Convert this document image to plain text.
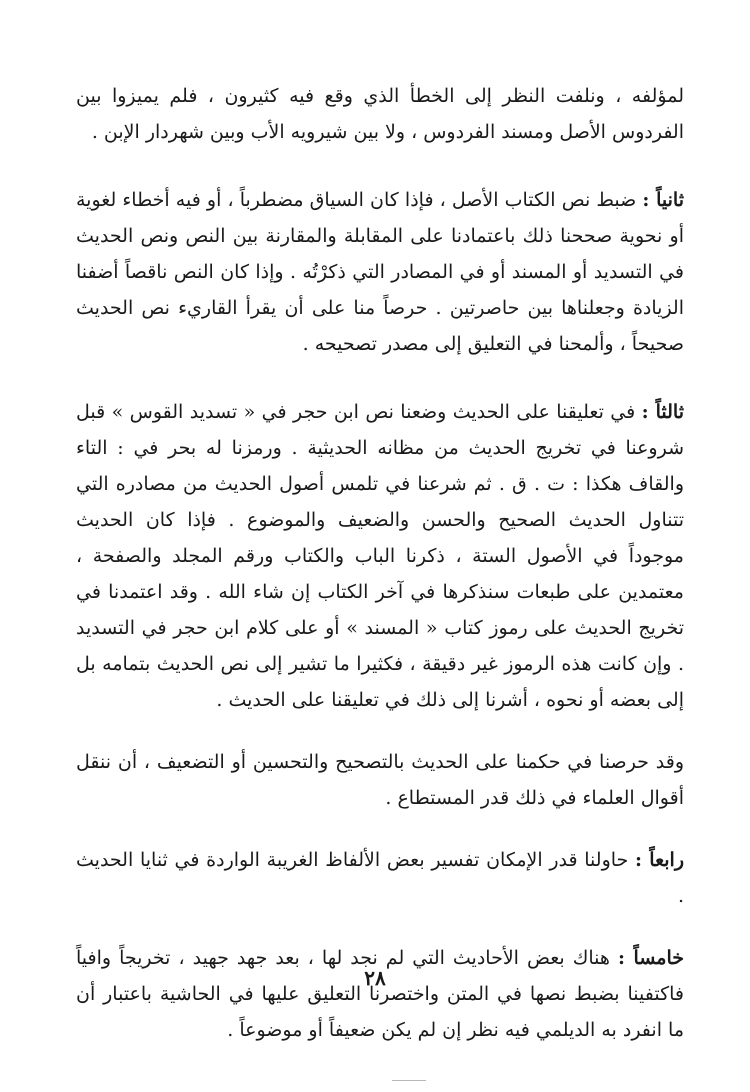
لمؤلفه ، ونلفت النظر إلى الخطأ الذي وقع فيه كثيرون ، فلم يميزوا بين الفردوس الأصل ومسند الفردوس ، ولا بين شيرويه الأب وبين شهردار الإبن .

ثانياً : ضبط نص الكتاب الأصل ، فإذا كان السياق مضطرباً ، أو فيه أخطاء لغوية أو نحوية صححنا ذلك باعتمادنا على المقابلة والمقارنة بين النص ونص الحديث في التسديد أو المسند أو في المصادر التي ذكرْتُه . وإذا كان النص ناقصاً أضفنا الزيادة وجعلناها بين حاصرتين . حرصاً منا على أن يقرأ القاريء نص الحديث صحيحاً ، وألمحنا في التعليق إلى مصدر تصحيحه .

ثالثاً : في تعليقنا على الحديث وضعنا نص ابن حجر في « تسديد القوس » قبل شروعنا في تخريج الحديث من مظانه الحديثية . ورمزنا له بحر في : التاء والقاف هكذا : ت . ق . ثم شرعنا في تلمس أصول الحديث من مصادره التي تتناول الحديث الصحيح والحسن والضعيف والموضوع . فإذا كان الحديث موجوداً في الأصول الستة ، ذكرنا الباب والكتاب ورقم المجلد والصفحة ، معتمدين على طبعات سنذكرها في آخر الكتاب إن شاء الله . وقد اعتمدنا في تخريج الحديث على رموز كتاب « المسند » أو على كلام ابن حجر في التسديد . وإن كانت هذه الرموز غير دقيقة ، فكثيرا ما تشير إلى نص الحديث بتمامه بل إلى بعضه أو نحوه ، أشرنا إلى ذلك في تعليقنا على الحديث .

وقد حرصنا في حكمنا على الحديث بالتصحيح والتحسين أو التضعيف ، أن ننقل أقوال العلماء في ذلك قدر المستطاع .

رابعاً : حاولنا قدر الإمكان تفسير بعض الألفاظ الغريبة الواردة في ثنايا الحديث .

خامساً : هناك بعض الأحاديث التي لم نجد لها ، بعد جهد جهيد ، تخريجاً وافياً فاكتفينا بضبط نصها في المتن واختصرنا التعليق عليها في الحاشية باعتبار أن ما انفرد به الديلمي فيه نظر إن لم يكن ضعيفاً أو موضوعاً .

٢٨
